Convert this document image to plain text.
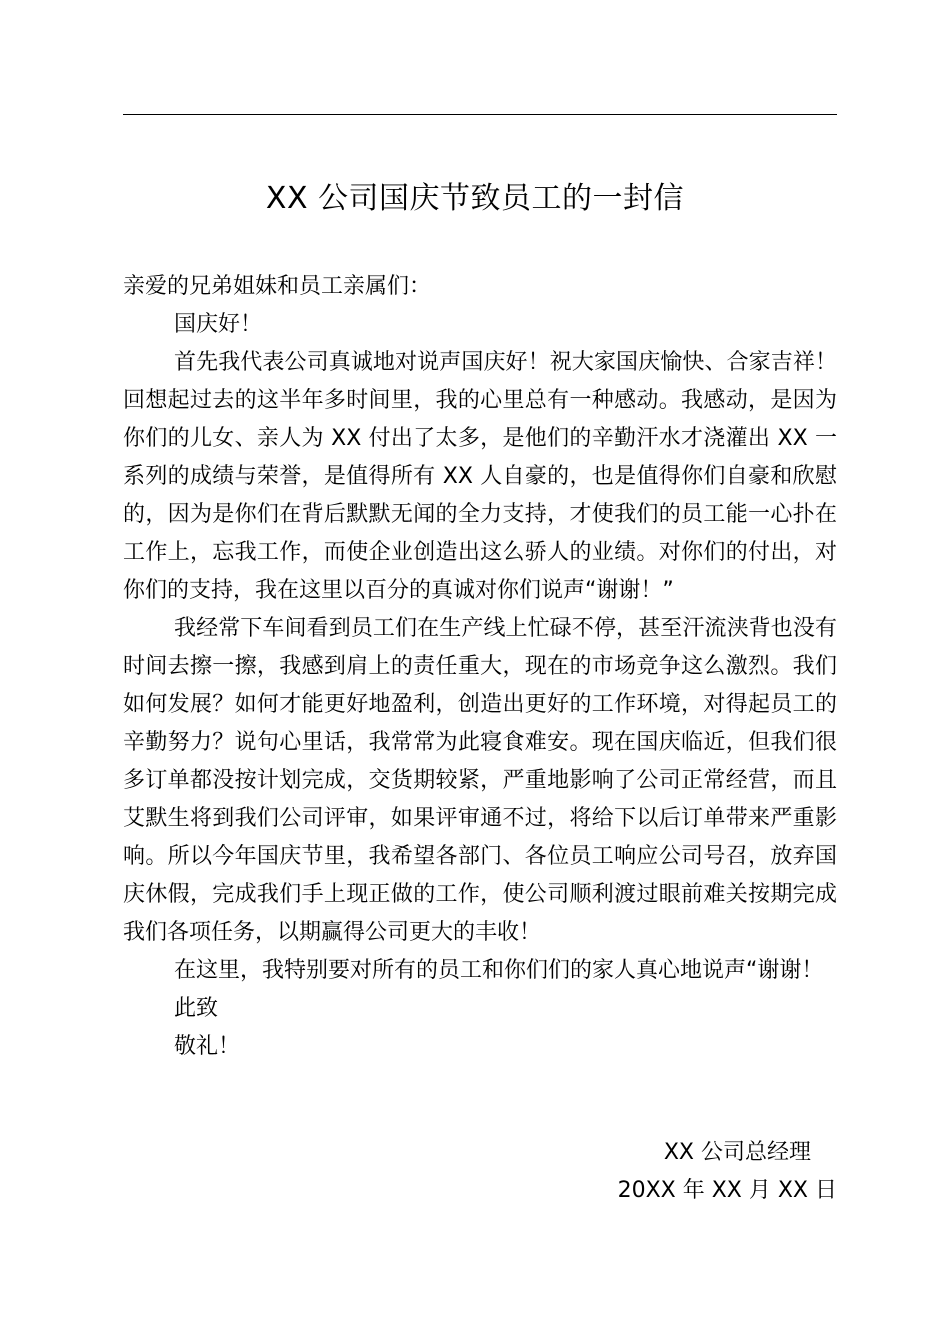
XX 公司国庆节致员工的一封信

亲爱的兄弟姐妹和员工亲属们：

国庆好！

首先我代表公司真诚地对说声国庆好！祝大家国庆愉快、合家吉祥！ 回想起过去的这半年多时间里，我的心里总有一种感动。我感动，是因为你们的儿女、亲人为 XX 付出了太多，是他们的辛勤汗水才浇灌出 XX 一系列的成绩与荣誉，是值得所有 XX 人自豪的，也是值得你们自豪和欣慰的，因为是你们在背后默默无闻的全力支持，才使我们的员工能一心扑在工作上，忘我工作，而使企业创造出这么骄人的业绩。对你们的付出，对你们的支持，我在这里以百分的真诚对你们说声“谢谢！”

我经常下车间看到员工们在生产线上忙碌不停，甚至汗流浃背也没有时间去擦一擦，我感到肩上的责任重大，现在的市场竞争这么激烈。我们如何发展？如何才能更好地盈利，创造出更好的工作环境，对得起员工的辛勤努力？说句心里话，我常常为此寝食难安。现在国庆临近，但我们很多订单都没按计划完成，交货期较紧，严重地影响了公司正常经营，而且艾默生将到我们公司评审，如果评审通不过，将给下以后订单带来严重影响。所以今年国庆节里，我希望各部门、各位员工响应公司号召，放弃国庆休假，完成我们手上现正做的工作，使公司顺利渡过眼前难关按期完成我们各项任务，以期赢得公司更大的丰收！

在这里，我特别要对所有的员工和你们们的家人真心地说声“谢谢！

此致

敬礼！

XX 公司总经理
20XX 年 XX 月 XX 日
